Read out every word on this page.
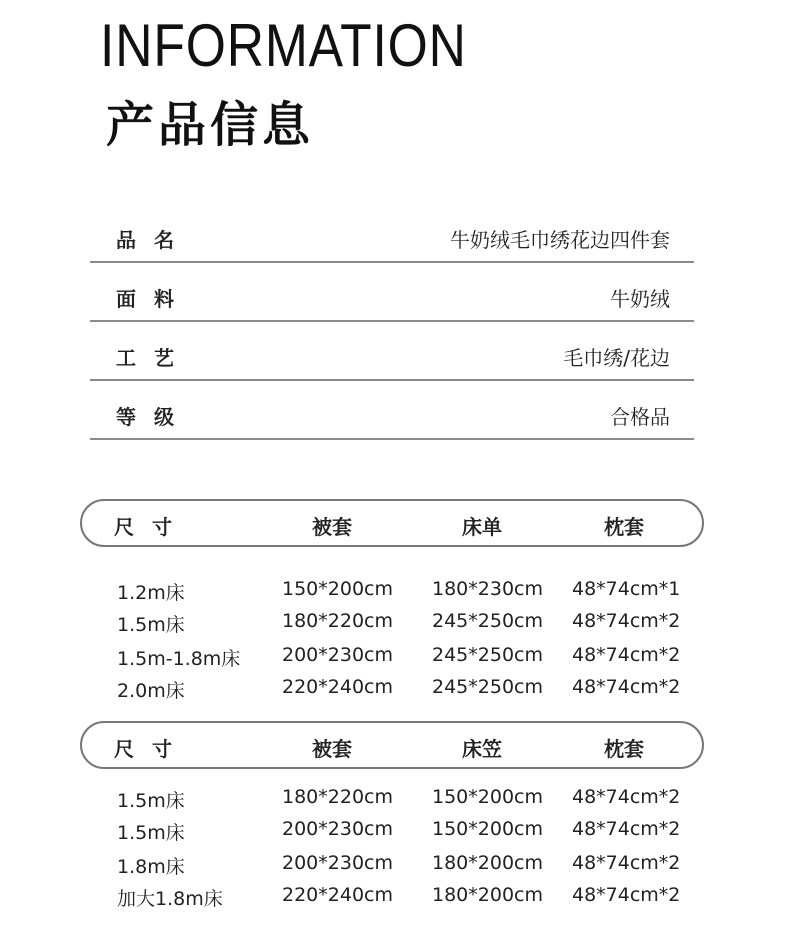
INFORMATION
产品信息
品名	牛奶绒毛巾绣花边四件套
面料	牛奶绒
工艺	毛巾绣/花边
等级	合格品
尺寸	被套	床单	枕套
1.2m床	150*200cm 180*230cm 48*74cm*1
1.5m床	180*220cm 245*250cm 48*74cm*2
1.5m-1.8m床 200*230cm 245*250cm 48*74cm*2
2.0m床	220*240cm 245*250cm 48*74cm*2
尺寸	被套	床笠	枕套
1.5m床	180*220cm 150*200cm 48*74cm*2
1.5m床	200*230cm 150*200cm 48*74cm*2
1.8m床	200*230cm 180*200cm 48*74cm*2
加大1.8m床	220*240cm 180*200cm 48*74cm*2
